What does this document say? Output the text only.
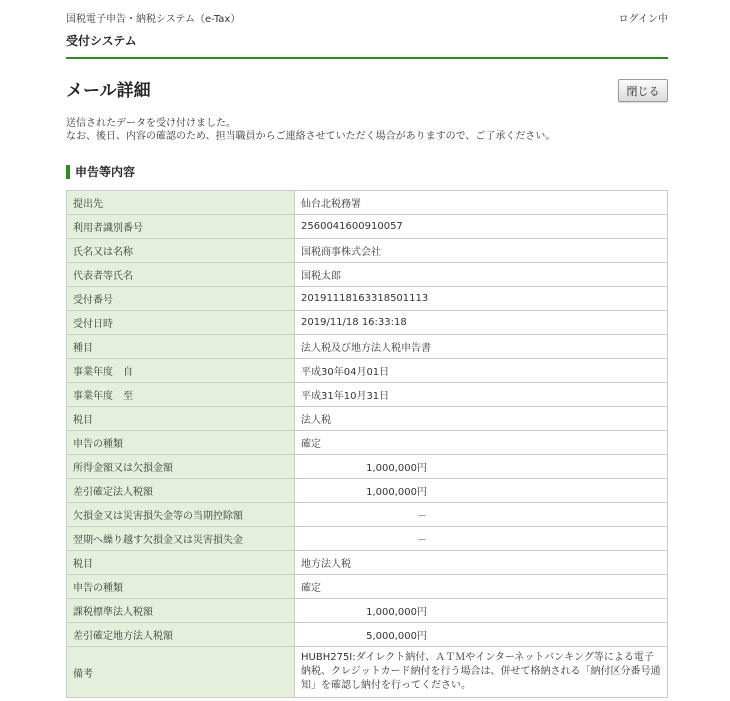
国税電子申告・納税システム（e-Tax）	ログイン中
受付システム
メール詳細	閉じる
送信されたデータを受け付けました。
なお、後日、内容の確認のため、担当職員からご連絡させていただく場合がありますので、ご了承ください。
申告等内容
提出先	仙台北税務署
利用者識別番号	2560041600910057
氏名又は名称	国税商事株式会社
代表者等氏名	国税太郎
受付番号	20191118163318501113
受付日時	2019/11/18 16:33:18
種目	法人税及び地方法人税申告書
事業年度　自	平成30年04月01日
事業年度　至	平成31年10月31日
税目	法人税
申告の種類	確定
所得金額又は欠損金額	1,000,000円
差引確定法人税額	1,000,000円
欠損金又は災害損失金等の当期控除額	－
翌期へ繰り越す欠損金又は災害損失金	－
税目	地方法人税
申告の種類	確定
課税標準法人税額	1,000,000円
差引確定地方法人税額	5,000,000円
備考	HUBH275I:ダイレクト納付、ＡＴＭやインターネットバンキング等による電子納税、クレジットカード納付を行う場合は、併せて格納される「納付区分番号通知」を確認し納付を行ってください。
